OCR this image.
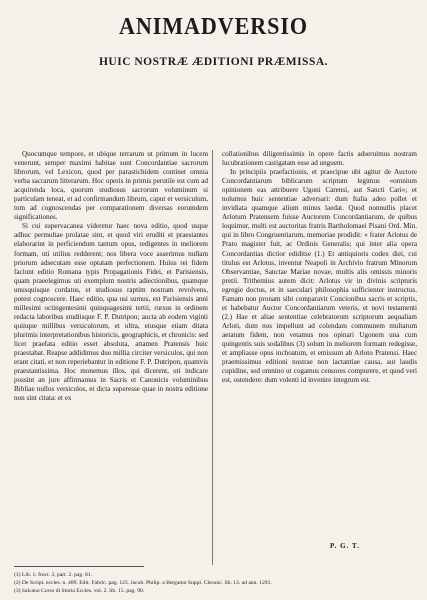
ANIMADVERSIO
HUIC NOSTRÆ ÆDITIONI PRÆMISSA.

Quocumque tempore, et ubique terrarum ut primum in lucem venerunt, semper maximi habitae sunt Concordantiae sacrorum librorum, vel Lexicon, quod per parastichidem continet omnia verba sacrarum litterarum. Hoc operis in primis perutile est cum ad acquirenda loca, quorum studiosus sacrorum voluminum si particulam teneat, et ad confirmandum librum, caput et versiculum, tum ad cognoscendas per comparationem diversas eorumdem significationes.

Si cui supervacanea videretur haec nova editio, quod usque adhuc permultae prolatae sint, et quod viri eruditi et praestantes elaborarint in perficiendum tantum opus, redigentes in meliorem formam, uti utilius redderent; nos libera voce asserimus nullam priorum adsecutam esse optatam perfectionem. Huius rei fidem faciunt editio Romana typis Propagationis Fidei, et Parisiensis, quam praeelegimus uti exemplum nostris adiectionibus, quamque unusquisque cordatus, et studiosus raptim nostram revolvens, potest cognoscere. Haec editio, qua usi sumus, est Parisiensis anni millesimi octingentesimi quinquagesimi tertii, rursus in ordinem redacta laboribus studiisque F. P. Dutripon; aucta ab eodem viginti quinque millibus versiculorum, et ultra, eiusque etiam ditata plurimis interpretationibus historicis, geographicis, et chronicis: sed licet praefata editio esset absoluta, attamen Pratensis huic praestabat. Reapse addidimus duo millia circiter versiculos, qui non erant citati, et non reperiebantur in editione F. P. Dutripon, quamvis praestantissima. Hoc monemus illos, qui dicerent, uti indicare possint an jure affirmamus in Sacris et Canonicis voluminibus Bibliae nullos versiculos, et dicta superesse quae in nostra editione non sint citata: et ex

collationibus diligentissimis in opere factis adseruimus nostram lucubrationem castigatam esse ad unguem.

In principiis praefactionis, et praecipue ubi agitur de Auctore Concordantiarum biblicarum scriptum legimus «omnium opinionem eas attribuere Ugoni Carensi, aut Sancti Cari»; et nolumus huic sententiae adversari: dum Italia adeo pollet et invidiata quamque alium minus laedat. Quod nonnullis placet Arlotum Pratensem fuisse Auctorem Concordantiarum, de quibus loquimur, multi est auctoritas fratris Bartholomaei Pisani Ord. Min. qui in libro Congruentiarum, memoriae prodidit: « frater Arlotus de Prato magister fuit, ac Ordinis Generalis; qui inter alia opera Concordantias dictior ediditse (1.) Et antiquioris codex diei, cui titulus est Arlotus, inventur Neapoli in Archivio fratrum Minorum Observantiae, Sanctae Mariae novae, multis alis omissis minoris pretii. Trithemius autem dicit: Arlotus vir in divinis scripturis egregie doctus, et in saeculari philosophia sufficienter instructus. Famam non pronam sibi comparavit Concionibus sacris et scriptis, et habebatur Auctor Concordantiarum veteris, et novi testamenti (2.) Hae et aliae sententiae celebratorum scriptorum aequaliam Arloti, dum nos impellunt ad colendam communem multarum aetatum fidem, non vetamus nos opinari Ugonem una cum quingentis suis sodalibus (3) solum in meliorem formam redegisse, et ampliasse opus inchoatum, et emissum ab Arloto Pratensi. Haec praemissimus editioni nostrae non iactantiae causa, aut laudis cupidine, sed omnino ut cogamus censores compurere, et quod veri est, ostendere: dum volenti id invenire integrum est.

P. G. T.
(1) Lib. 1. fruct. 3, part. 2. pag. 81.
(2) De Script. eccles. n. 489. Edit. Fabric. pag. 123. Jacob. Philip. a Bergamo Suppl. Chronic. lib. 13. ad ann. 1291.
(3) Salcano Corso di Storia Eccles. vol. 2. lib. 15. pag. 90.
